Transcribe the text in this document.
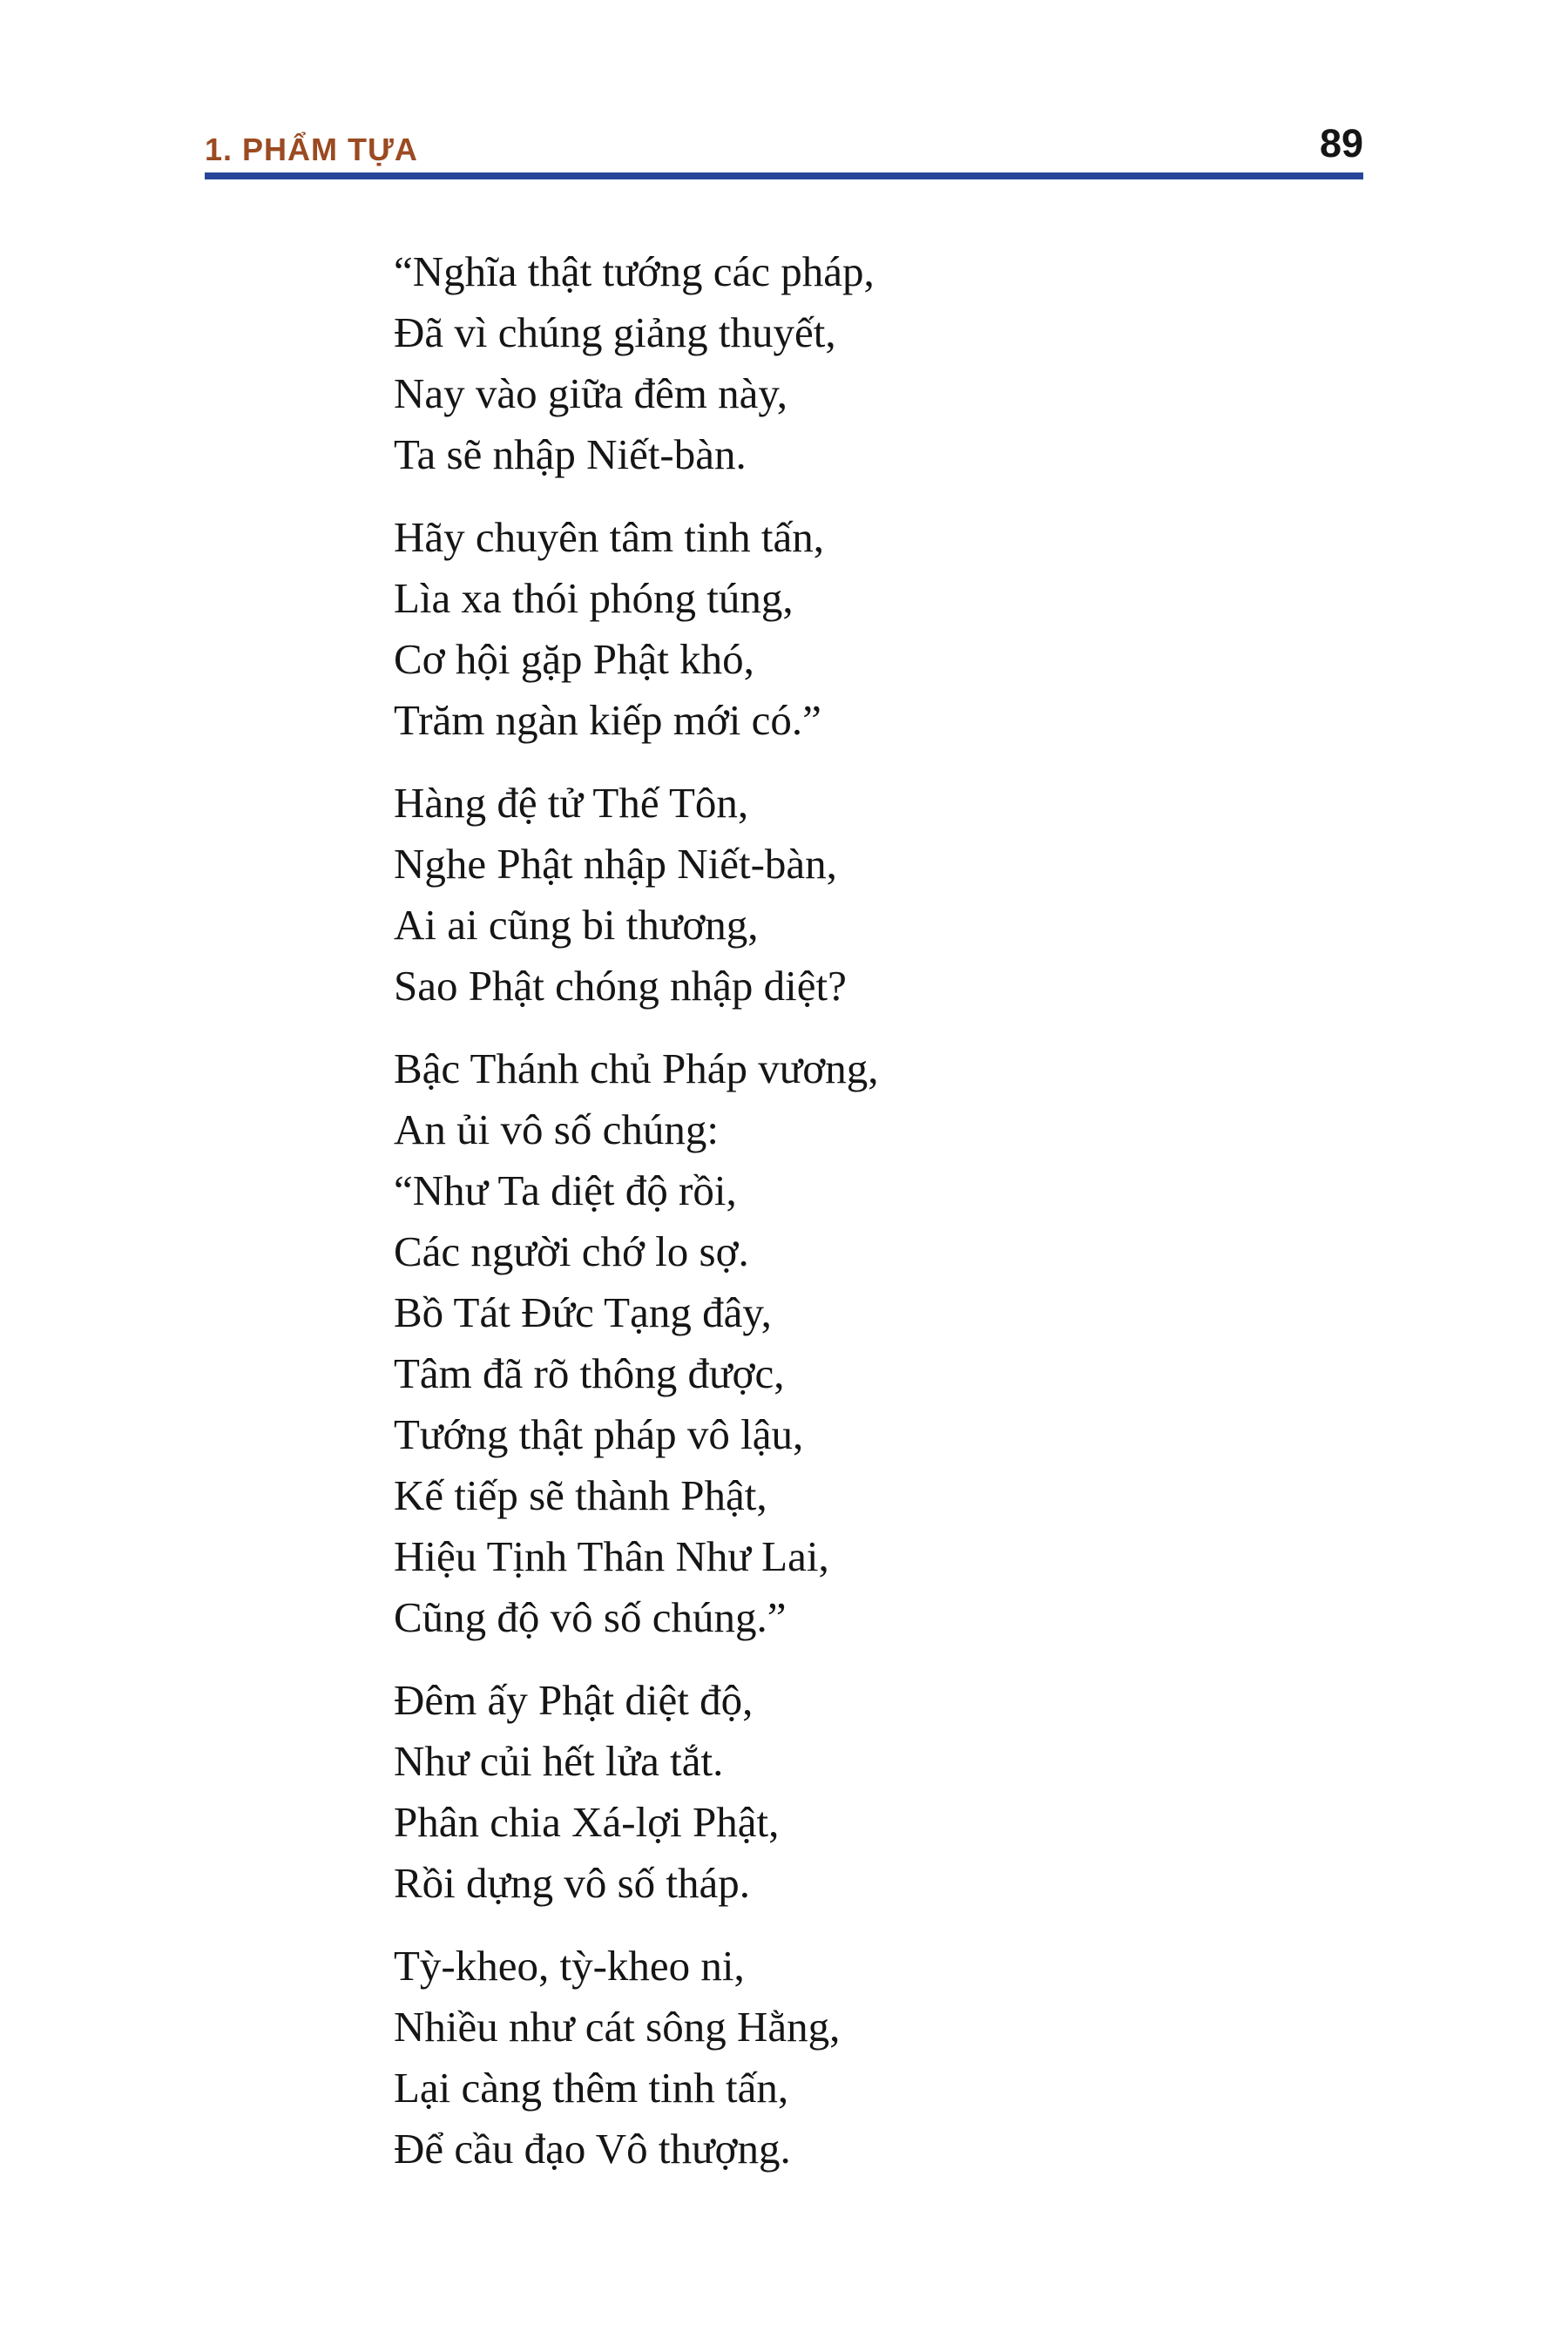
1. PHẨM TỰA	89
“Nghĩa thật tướng các pháp,
Đã vì chúng giảng thuyết,
Nay vào giữa đêm này,
Ta sẽ nhập Niết-bàn.
Hãy chuyên tâm tinh tấn,
Lìa xa thói phóng túng,
Cơ hội gặp Phật khó,
Trăm ngàn kiếp mới có.”
Hàng đệ tử Thế Tôn,
Nghe Phật nhập Niết-bàn,
Ai ai cũng bi thương,
Sao Phật chóng nhập diệt?
Bậc Thánh chủ Pháp vương,
An ủi vô số chúng:
“Như Ta diệt độ rồi,
Các người chớ lo sợ.
Bồ Tát Đức Tạng đây,
Tâm đã rõ thông được,
Tướng thật pháp vô lậu,
Kế tiếp sẽ thành Phật,
Hiệu Tịnh Thân Như Lai,
Cũng độ vô số chúng.”
Đêm ấy Phật diệt độ,
Như củi hết lửa tắt.
Phân chia Xá-lợi Phật,
Rồi dựng vô số tháp.
Tỳ-kheo, tỳ-kheo ni,
Nhiều như cát sông Hằng,
Lại càng thêm tinh tấn,
Để cầu đạo Vô thượng.
